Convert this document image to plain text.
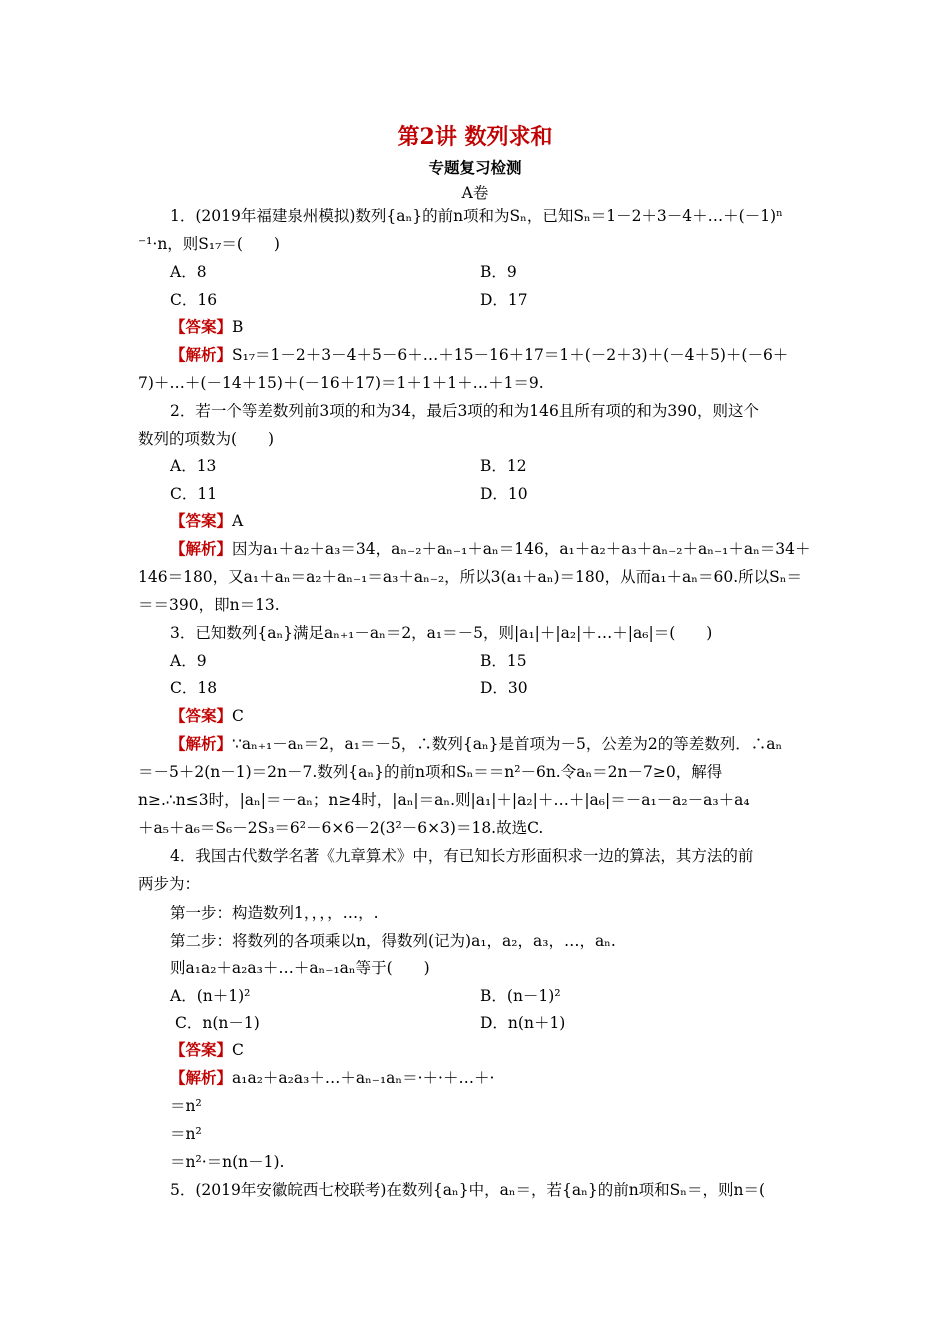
第2讲 数列求和
专题复习检测
A卷
1．(2019年福建泉州模拟)数列{aₙ}的前n项和为Sₙ，已知Sₙ＝1－2＋3－4＋…＋(－1)ⁿ
⁻¹·n，则S₁₇＝(　　)
A．8	B．9
C．16	D．17
【答案】B
【解析】S₁₇＝1－2＋3－4＋5－6＋…＋15－16＋17＝1＋(－2＋3)＋(－4＋5)＋(－6＋
7)＋…＋(－14＋15)＋(－16＋17)＝1＋1＋1＋…＋1＝9.
2．若一个等差数列前3项的和为34，最后3项的和为146且所有项的和为390，则这个
数列的项数为(　　)
A．13	B．12
C．11	D．10
【答案】A
【解析】因为a₁＋a₂＋a₃＝34，aₙ₋₂＋aₙ₋₁＋aₙ＝146，a₁＋a₂＋a₃＋aₙ₋₂＋aₙ₋₁＋aₙ＝34＋
146＝180，又a₁＋aₙ＝a₂＋aₙ₋₁＝a₃＋aₙ₋₂，所以3(a₁＋aₙ)＝180，从而a₁＋aₙ＝60.所以Sₙ＝
＝＝390，即n＝13.
3．已知数列{aₙ}满足aₙ₊₁－aₙ＝2，a₁＝－5，则|a₁|＋|a₂|＋…＋|a₆|＝(　　)
A．9	B．15
C．18	D．30
【答案】C
【解析】∵aₙ₊₁－aₙ＝2，a₁＝－5，∴数列{aₙ}是首项为－5，公差为2的等差数列．∴aₙ
＝－5＋2(n－1)＝2n－7.数列{aₙ}的前n项和Sₙ＝＝n²－6n.令aₙ＝2n－7≥0，解得
n≥.∴n≤3时，|aₙ|＝－aₙ；n≥4时，|aₙ|＝aₙ.则|a₁|＋|a₂|＋…＋|a₆|＝－a₁－a₂－a₃＋a₄
＋a₅＋a₆＝S₆－2S₃＝6²－6×6－2(3²－6×3)＝18.故选C.
4．我国古代数学名著《九章算术》中，有已知长方形面积求一边的算法，其方法的前
两步为：
第一步：构造数列1，，，，…，.
第二步：将数列的各项乘以n，得数列(记为)a₁，a₂，a₃，…，aₙ.
则a₁a₂＋a₂a₃＋…＋aₙ₋₁aₙ等于(　　)
A．(n＋1)²	B．(n－1)²
C．n(n－1)	D．n(n＋1)
【答案】C
【解析】a₁a₂＋a₂a₃＋…＋aₙ₋₁aₙ＝·＋·＋…＋·
＝n²
＝n²
＝n²·＝n(n－1).
5．(2019年安徽皖西七校联考)在数列{aₙ}中，aₙ＝，若{aₙ}的前n项和Sₙ＝，则n＝(
